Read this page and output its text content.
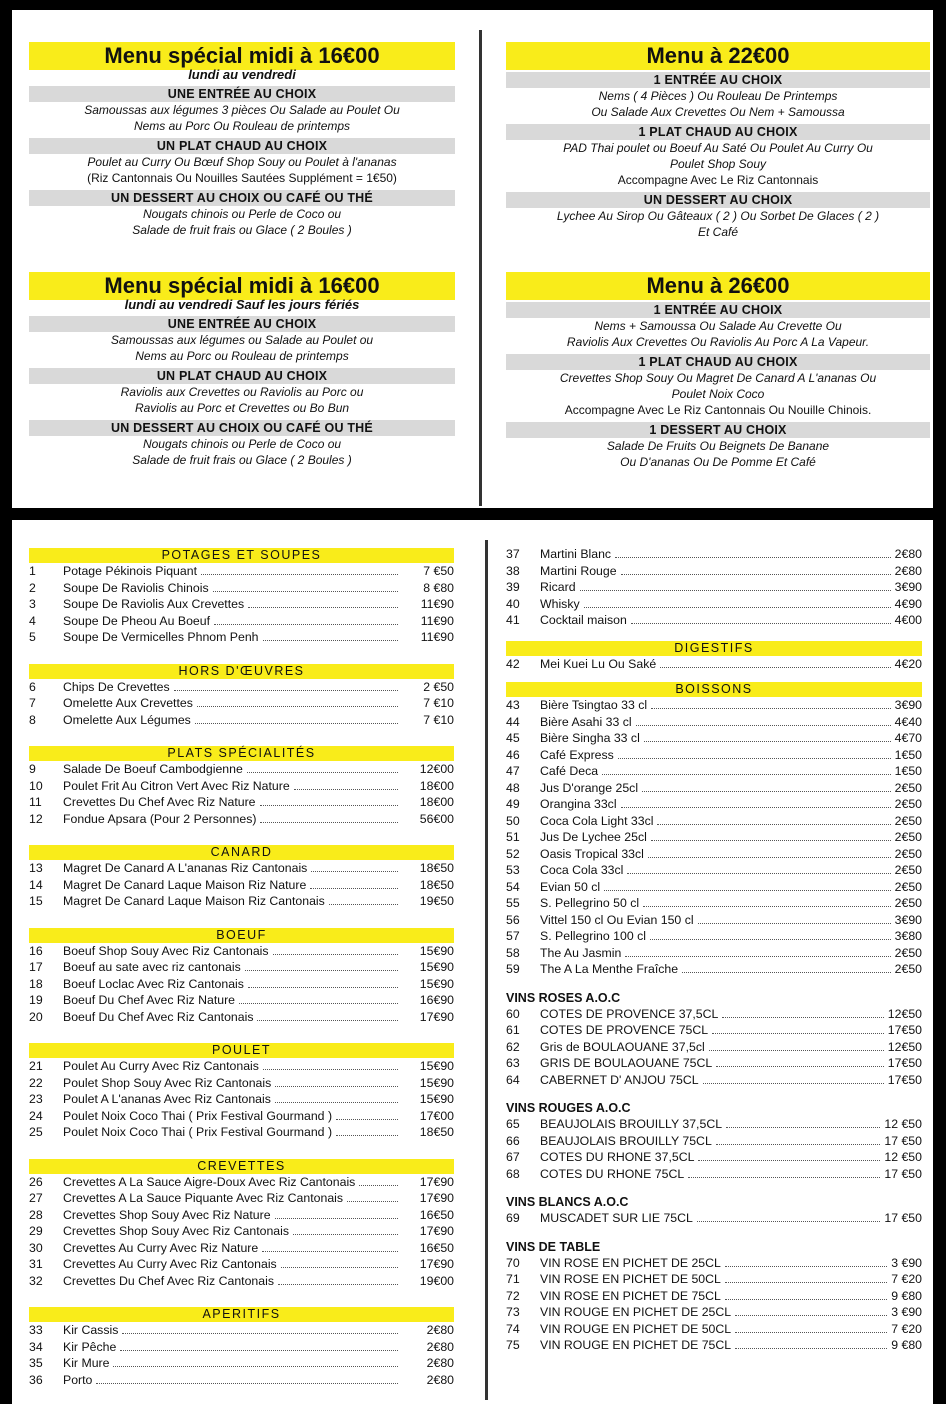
Menu spécial midi à 16€00
lundi au vendredi
UNE ENTRÉE AU CHOIX
Samoussas aux légumes 3 pièces Ou Salade au Poulet Ou
Nems au Porc Ou Rouleau de printemps
UN PLAT CHAUD AU CHOIX
Poulet au Curry Ou Bœuf Shop Souy ou Poulet à l'ananas
(Riz Cantonnais Ou Nouilles Sautées Supplément = 1€50)
UN DESSERT AU CHOIX OU CAFÉ OU THÉ
Nougats chinois ou Perle de Coco ou
Salade de fruit frais ou Glace ( 2 Boules )
Menu spécial midi à 16€00
lundi au vendredi Sauf les jours fériés
UNE ENTRÉE AU CHOIX
Samoussas aux légumes ou Salade au Poulet ou
Nems au Porc ou Rouleau de printemps
UN PLAT CHAUD AU CHOIX
Raviolis aux Crevettes ou Raviolis au Porc ou
Raviolis au Porc et Crevettes ou Bo Bun
UN DESSERT AU CHOIX OU CAFÉ OU THÉ
Nougats chinois ou Perle de Coco ou
Salade de fruit frais ou Glace ( 2 Boules )
Menu à 22€00
1 ENTRÉE AU CHOIX
Nems ( 4 Pièces ) Ou Rouleau De Printemps
Ou Salade Aux Crevettes Ou Nem + Samoussa
1 PLAT CHAUD AU CHOIX
PAD Thai poulet ou Boeuf Au Saté Ou Poulet Au Curry Ou
Poulet Shop Souy
Accompagne Avec Le Riz Cantonnais
UN DESSERT AU CHOIX
Lychee Au Sirop Ou Gâteaux ( 2 ) Ou Sorbet De Glaces ( 2 )
Et Café
Menu à 26€00
1 ENTRÉE AU CHOIX
Nems + Samoussa Ou Salade Au Crevette Ou
Raviolis Aux Crevettes Ou Raviolis Au Porc A La Vapeur.
1 PLAT CHAUD AU CHOIX
Crevettes Shop Souy Ou Magret De Canard A L'ananas Ou
Poulet Noix Coco
Accompagne Avec Le Riz Cantonnais Ou Nouille Chinois.
1 DESSERT AU CHOIX
Salade De Fruits Ou Beignets De Banane
Ou D'ananas Ou De Pomme Et Café
POTAGES ET SOUPES
1	Potage Pékinois Piquant	7 €50
2	Soupe De Raviolis Chinois	8 €80
3	Soupe De Raviolis Aux Crevettes	11€90
4	Soupe De Pheou Au Boeuf	11€90
5	Soupe De Vermicelles Phnom Penh	11€90
HORS D'ŒUVRES
6	Chips De Crevettes	2 €50
7	Omelette Aux Crevettes	7 €10
8	Omelette Aux Légumes	7 €10
PLATS SPÉCIALITÉS
9	Salade De Boeuf Cambodgienne	12€00
10	Poulet Frit Au Citron Vert Avec Riz Nature	18€00
11	Crevettes Du Chef Avec Riz Nature	18€00
12	Fondue Apsara (Pour 2 Personnes)	56€00
CANARD
13	Magret De Canard A L'ananas Riz Cantonais	18€50
14	Magret De Canard Laque Maison Riz Nature	18€50
15	Magret De Canard Laque Maison Riz Cantonais	19€50
BOEUF
16	Boeuf Shop Souy Avec Riz Cantonais	15€90
17	Boeuf au sate avec riz cantonais	15€90
18	Boeuf Loclac Avec Riz Cantonais	15€90
19	Boeuf Du Chef Avec Riz Nature	16€90
20	Boeuf Du Chef Avec Riz Cantonais	17€90
POULET
21	Poulet Au Curry Avec Riz Cantonais	15€90
22	Poulet Shop Souy Avec Riz Cantonais	15€90
23	Poulet A L'ananas Avec Riz Cantonais	15€90
24	Poulet Noix Coco Thai ( Prix Festival Gourmand )	17€00
25	Poulet Noix Coco Thai ( Prix Festival Gourmand )	18€50
CREVETTES
26	Crevettes A La Sauce Aigre-Doux Avec Riz Cantonais	17€90
27	Crevettes A La Sauce Piquante Avec Riz Cantonais	17€90
28	Crevettes Shop Souy Avec Riz Nature	16€50
29	Crevettes Shop Souy Avec Riz Cantonais	17€90
30	Crevettes Au Curry Avec Riz Nature	16€50
31	Crevettes Au Curry Avec Riz Cantonais	17€90
32	Crevettes Du Chef Avec Riz Cantonais	19€00
APERITIFS
33	Kir Cassis	2€80
34	Kir Pêche	2€80
35	Kir Mure	2€80
36	Porto	2€80
37	Martini Blanc	2€80
38	Martini Rouge	2€80
39	Ricard	3€90
40	Whisky	4€90
41	Cocktail maison	4€00
DIGESTIFS
42	Mei Kuei Lu Ou Saké	4€20
BOISSONS
43	Bière Tsingtao 33 cl	3€90
44	Bière Asahi 33 cl	4€40
45	Bière Singha 33 cl	4€70
46	Café Express	1€50
47	Café Deca	1€50
48	Jus D'orange 25cl	2€50
49	Orangina 33cl	2€50
50	Coca Cola Light 33cl	2€50
51	Jus De Lychee 25cl	2€50
52	Oasis Tropical 33cl	2€50
53	Coca Cola 33cl	2€50
54	Evian 50 cl	2€50
55	S. Pellegrino 50 cl	2€50
56	Vittel 150 cl Ou Evian 150 cl	3€90
57	S. Pellegrino 100 cl	3€80
58	The Au Jasmin	2€50
59	The A La Menthe Fraîche	2€50
VINS ROSES A.O.C
60	COTES DE PROVENCE 37,5CL	12€50
61	COTES DE PROVENCE 75CL	17€50
62	Gris de BOULAOUANE 37,5cl	12€50
63	GRIS DE BOULAOUANE 75CL	17€50
64	CABERNET D' ANJOU 75CL	17€50
VINS ROUGES A.O.C
65	BEAUJOLAIS BROUILLY 37,5CL	12 €50
66	BEAUJOLAIS BROUILLY 75CL	17 €50
67	COTES DU RHONE 37,5CL	12 €50
68	COTES DU RHONE 75CL	17 €50
VINS BLANCS A.O.C
69	MUSCADET SUR LIE 75CL	17 €50
VINS DE TABLE
70	VIN ROSE EN PICHET DE 25CL	3 €90
71	VIN ROSE EN PICHET DE 50CL	7 €20
72	VIN ROSE EN PICHET DE 75CL	9 €80
73	VIN ROUGE EN PICHET DE 25CL	3 €90
74	VIN ROUGE EN PICHET DE 50CL	7 €20
75	VIN ROUGE EN PICHET DE 75CL	9 €80
